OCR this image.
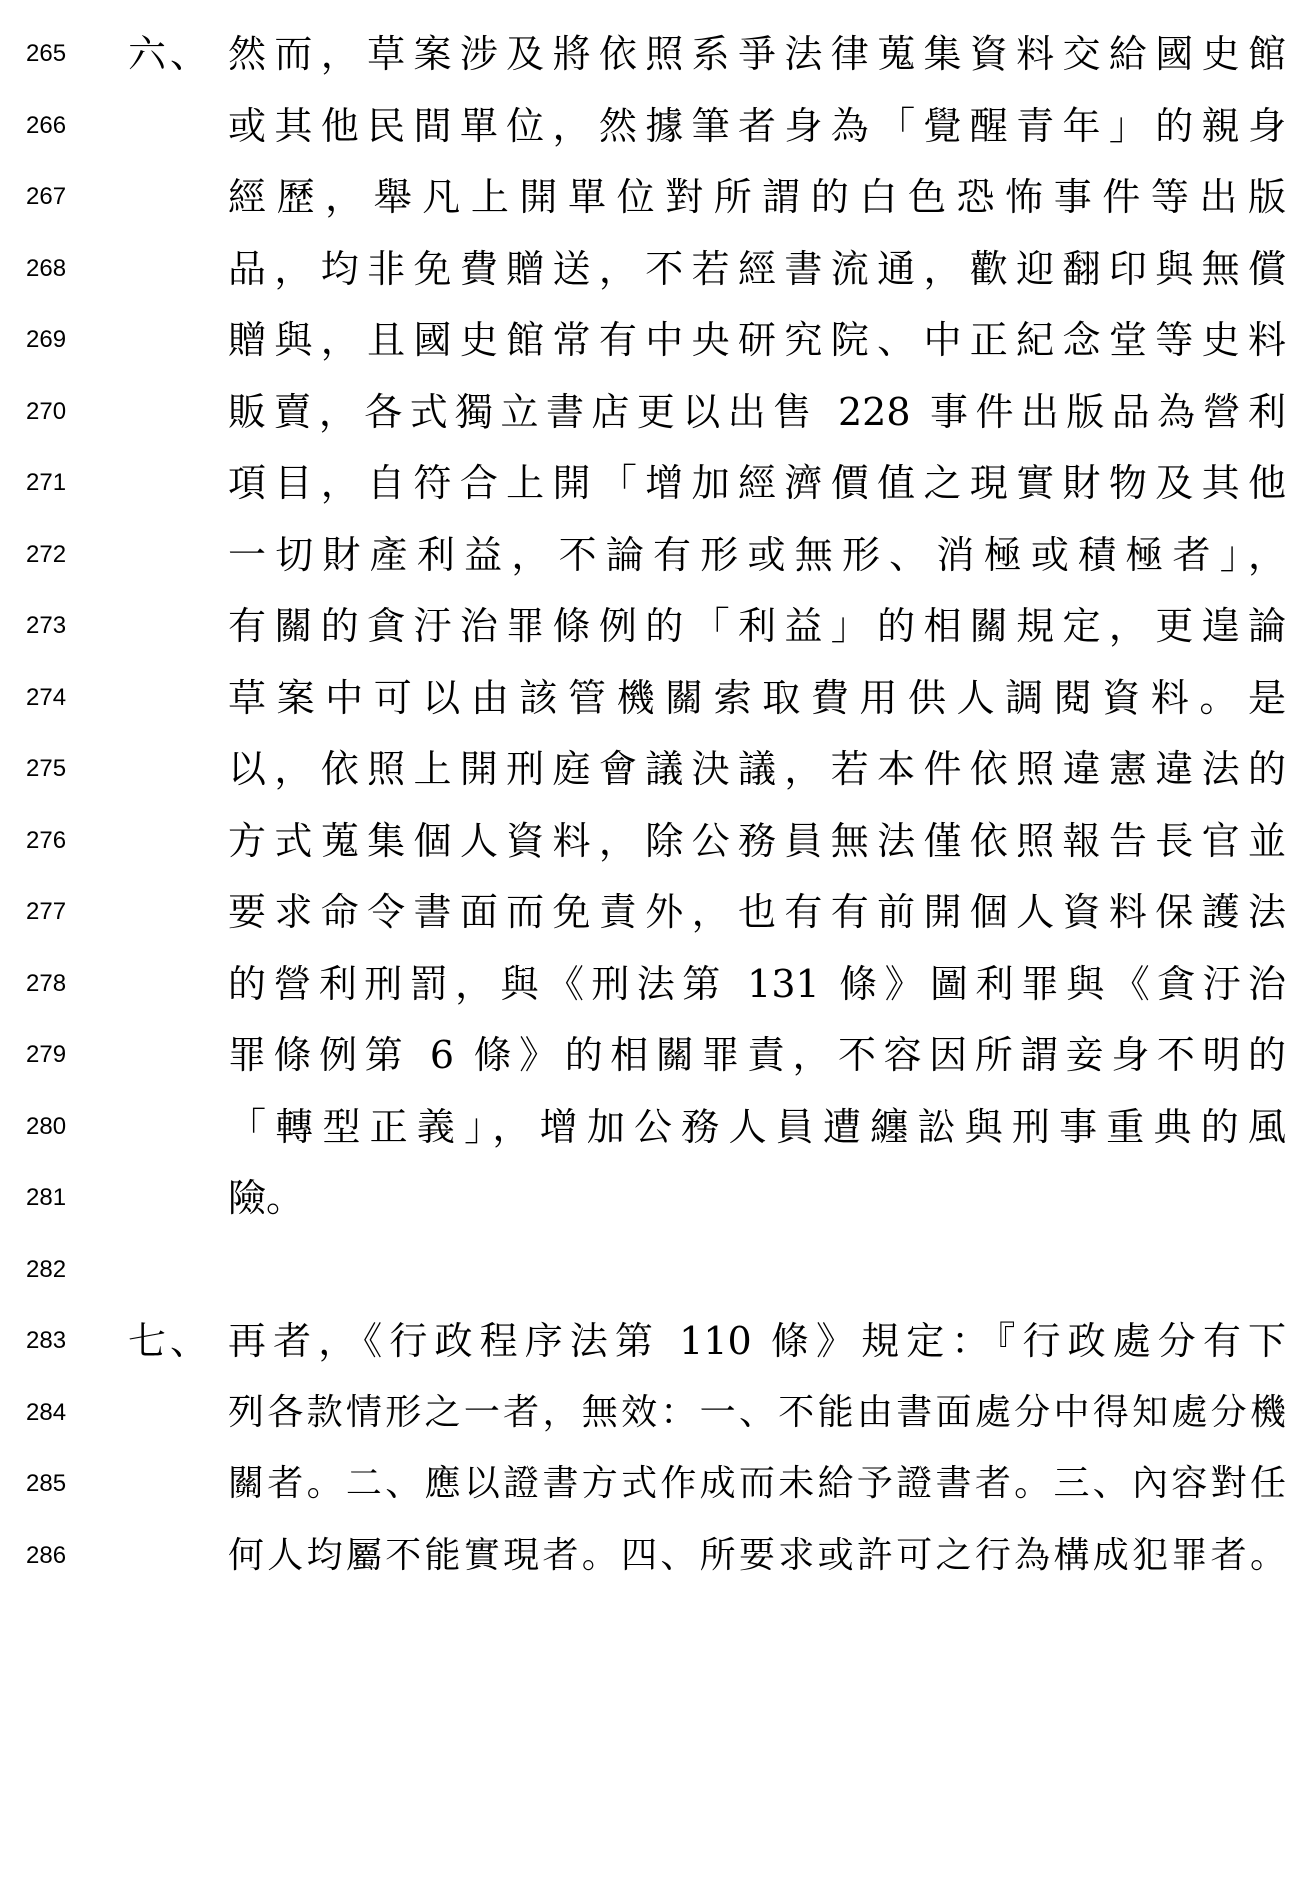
265	六、 然而，草案涉及將依照系爭法律蒐集資料交給國史館
266	或其他民間單位，然據筆者身為「覺醒青年」的親身
267	經歷，舉凡上開單位對所謂的白色恐怖事件等出版
268	品，均非免費贈送，不若經書流通，歡迎翻印與無償
269	贈與，且國史館常有中央研究院、中正紀念堂等史料
270	販賣，各式獨立書店更以出售 228 事件出版品為營利
271	項目，自符合上開「增加經濟價值之現實財物及其他
272	一切財產利益，不論有形或無形、消極或積極者」，
273	有關的貪汙治罪條例的「利益」的相關規定，更遑論
274	草案中可以由該管機關索取費用供人調閱資料。是
275	以，依照上開刑庭會議決議，若本件依照違憲違法的
276	方式蒐集個人資料，除公務員無法僅依照報告長官並
277	要求命令書面而免責外，也有有前開個人資料保護法
278	的營利刑罰，與《刑法第 131 條》圖利罪與《貪汙治
279	罪條例第 6 條》的相關罪責，不容因所謂妾身不明的
280	「轉型正義」，增加公務人員遭纏訟與刑事重典的風
281	險。
282
283	七、 再者，《行政程序法第 110 條》規定：『行政處分有下
284	列各款情形之一者，無效：一、不能由書面處分中得知處分機
285	關者。二、應以證書方式作成而未給予證書者。三、內容對任
286	何人均屬不能實現者。四、所要求或許可之行為構成犯罪者。
